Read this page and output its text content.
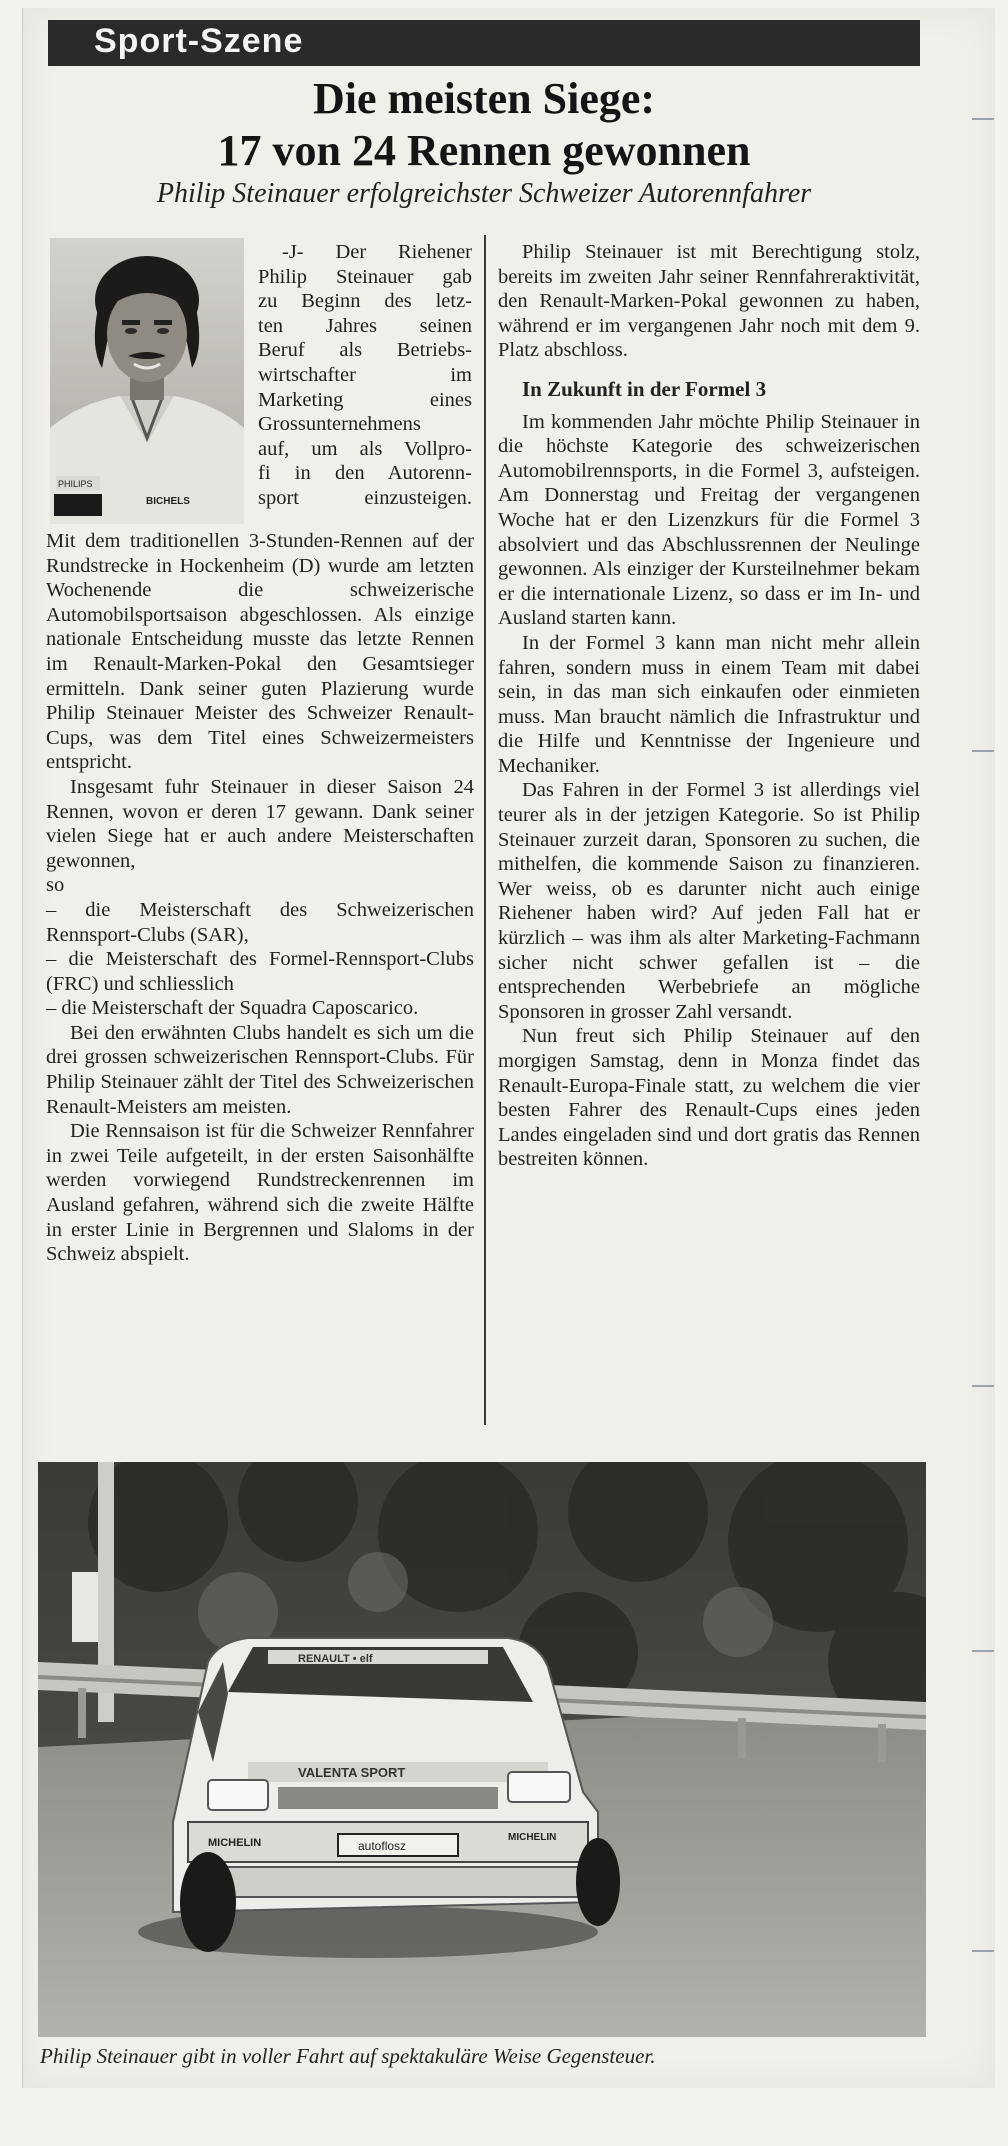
Sport-Szene
Die meisten Siege:
17 von 24 Rennen gewonnen
Philip Steinauer erfolgreichster Schweizer Autorennfahrer
PHILIPS
BICHELS
-J- Der Riehener
Philip Steinauer gab
zu Beginn des letz-
ten Jahres seinen
Beruf als Betriebs-
wirtschafter im
Marketing eines
Grossunternehmens
auf, um als Vollpro-
fi in den Autorenn-
sport einzusteigen.

Mit dem traditionellen 3-Stunden-Rennen auf der Rundstrecke in Hockenheim (D) wurde am letzten Wochenende die schweizerische Automobilsportsaison abgeschlossen. Als einzige nationale Entscheidung musste das letzte Rennen im Renault-Marken-Pokal den Gesamtsieger ermitteln. Dank seiner guten Plazierung wurde Philip Steinauer Meister des Schweizer Renault-Cups, was dem Titel eines Schweizermeisters entspricht.

Insgesamt fuhr Steinauer in dieser Saison 24 Rennen, wovon er deren 17 gewann. Dank seiner vielen Siege hat er auch andere Meisterschaften gewonnen,

so

– die Meisterschaft des Schweizerischen Rennsport-Clubs (SAR),

– die Meisterschaft des Formel-Rennsport-Clubs (FRC) und schliesslich

– die Meisterschaft der Squadra Caposcarico.

Bei den erwähnten Clubs handelt es sich um die drei grossen schweizerischen Rennsport-Clubs. Für Philip Steinauer zählt der Titel des Schweizerischen Renault-Meisters am meisten.

Die Rennsaison ist für die Schweizer Rennfahrer in zwei Teile aufgeteilt, in der ersten Saisonhälfte werden vorwiegend Rundstreckenrennen im Ausland gefahren, während sich die zweite Hälfte in erster Linie in Bergrennen und Slaloms in der Schweiz abspielt.

Philip Steinauer ist mit Berechtigung stolz, bereits im zweiten Jahr seiner Rennfahreraktivität, den Renault-Marken-Pokal gewonnen zu haben, während er im vergangenen Jahr noch mit dem 9. Platz abschloss.

In Zukunft in der Formel 3

Im kommenden Jahr möchte Philip Steinauer in die höchste Kategorie des schweizerischen Automobilrennsports, in die Formel 3, aufsteigen. Am Donnerstag und Freitag der vergangenen Woche hat er den Lizenzkurs für die Formel 3 absolviert und das Abschlussrennen der Neulinge gewonnen. Als einziger der Kursteilnehmer bekam er die internationale Lizenz, so dass er im In- und Ausland starten kann.

In der Formel 3 kann man nicht mehr allein fahren, sondern muss in einem Team mit dabei sein, in das man sich einkaufen oder einmieten muss. Man braucht nämlich die Infrastruktur und die Hilfe und Kenntnisse der Ingenieure und Mechaniker.

Das Fahren in der Formel 3 ist allerdings viel teurer als in der jetzigen Kategorie. So ist Philip Steinauer zurzeit daran, Sponsoren zu suchen, die mithelfen, die kommende Saison zu finanzieren. Wer weiss, ob es darunter nicht auch einige Riehener haben wird? Auf jeden Fall hat er kürzlich – was ihm als alter Marketing-Fachmann sicher nicht schwer gefallen ist – die entsprechenden Werbebriefe an mögliche Sponsoren in grosser Zahl versandt.

Nun freut sich Philip Steinauer auf den morgigen Samstag, denn in Monza findet das Renault-Europa-Finale statt, zu welchem die vier besten Fahrer des Renault-Cups eines jeden Landes eingeladen sind und dort gratis das Rennen bestreiten können.

RENAULT • elf
VALENTA SPORT
MICHELIN	MICHELIN
autoflosz
Philip Steinauer gibt in voller Fahrt auf spektakuläre Weise Gegensteuer.
